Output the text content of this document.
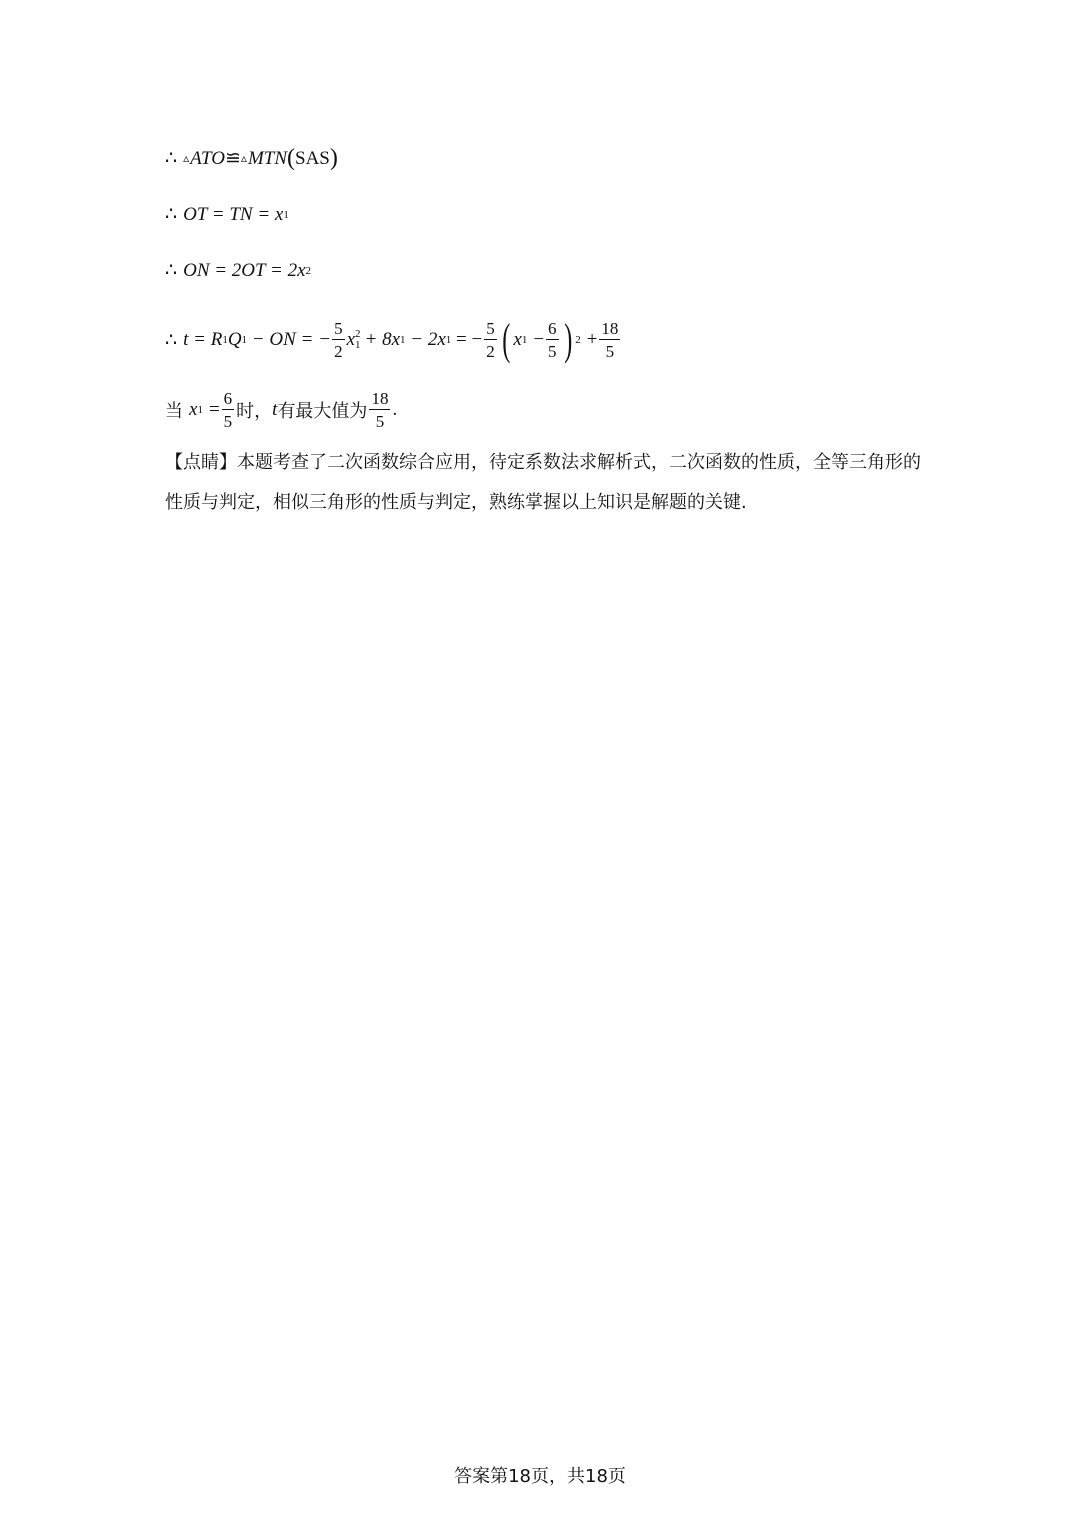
∴ ▵ ATO ≌ ▵ MTN ( SAS )
∴ OT = TN = x 1
∴ ON = 2OT = 2x 2
∴ t = R 1 Q 1 − ON = − $\frac{5}{2}$ x 2
1 + 8x 1 − 2x 1 = − $\frac{5}{2}$ ( x $1 - \frac{6}{5}$ ) $2 + \frac{18}{5}$
当 x $1 = \frac{6}{5}$ 时， t 有最大值为 $\frac{18}{5}$ .
【点睛】本题考查了二次函数综合应用，待定系数法求解析式，二次函数的性质，全等三角形的性质与判定，相似三角形的性质与判定，熟练掌握以上知识是解题的关键.
答案第18页，共18页
